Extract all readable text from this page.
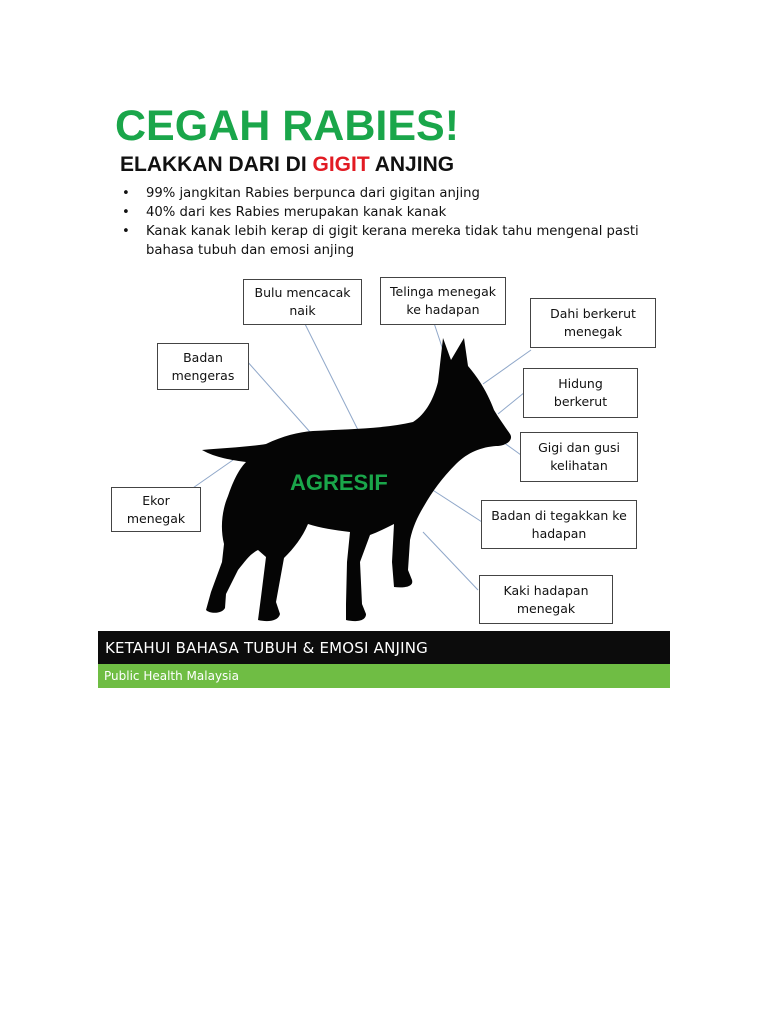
CEGAH RABIES!
ELAKKAN DARI DI GIGIT ANJING
• 99% jangkitan Rabies berpunca dari gigitan anjing
• 40% dari kes Rabies merupakan kanak kanak
• Kanak kanak lebih kerap di gigit kerana mereka tidak tahu mengenal pasti bahasa tubuh dan emosi anjing
AGRESIF
Bulu mencacak
naik
Telinga menegak
ke hadapan	Dahi berkerut
menegak
Badan
mengeras
Hidung
berkerut
Gigi dan gusi
kelihatan
Ekor
menegak	Badan di tegakkan ke
hadapan
Kaki hadapan
menegak
KETAHUI BAHASA TUBUH & EMOSI ANJING
Public Health Malaysia
